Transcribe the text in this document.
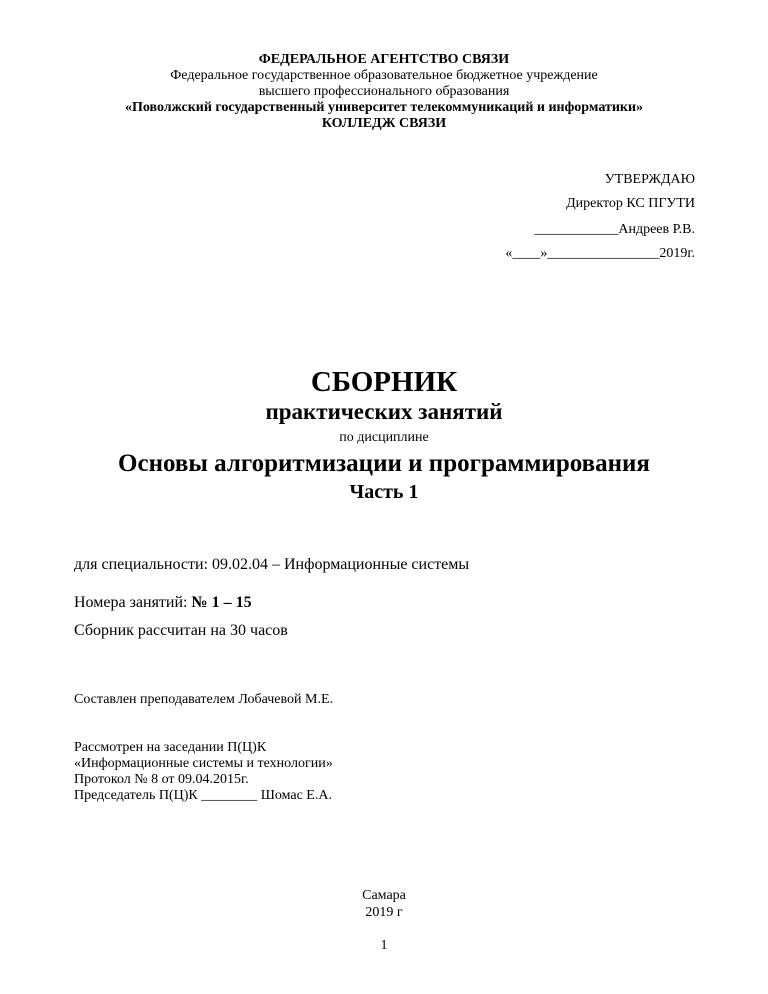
ФЕДЕРАЛЬНОЕ АГЕНТСТВО СВЯЗИ
Федеральное государственное образовательное бюджетное учреждение
высшего профессионального образования
«Поволжский государственный университет телекоммуникаций и информатики»
КОЛЛЕДЖ СВЯЗИ
УТВЕРЖДАЮ
Директор КС ПГУТИ
____________Андреев Р.В.
«____»________________2019г.
СБОРНИК
практических занятий
по дисциплине
Основы алгоритмизации и программирования
Часть 1
для специальности: 09.02.04 – Информационные системы
Номера занятий: № 1 – 15
Сборник рассчитан на 30 часов
Составлен преподавателем Лобачевой М.Е.
Рассмотрен на заседании П(Ц)К
«Информационные системы и технологии»
Протокол № 8 от 09.04.2015г.
Председатель П(Ц)К ________ Шомас Е.А.
Самара
2019 г
1
